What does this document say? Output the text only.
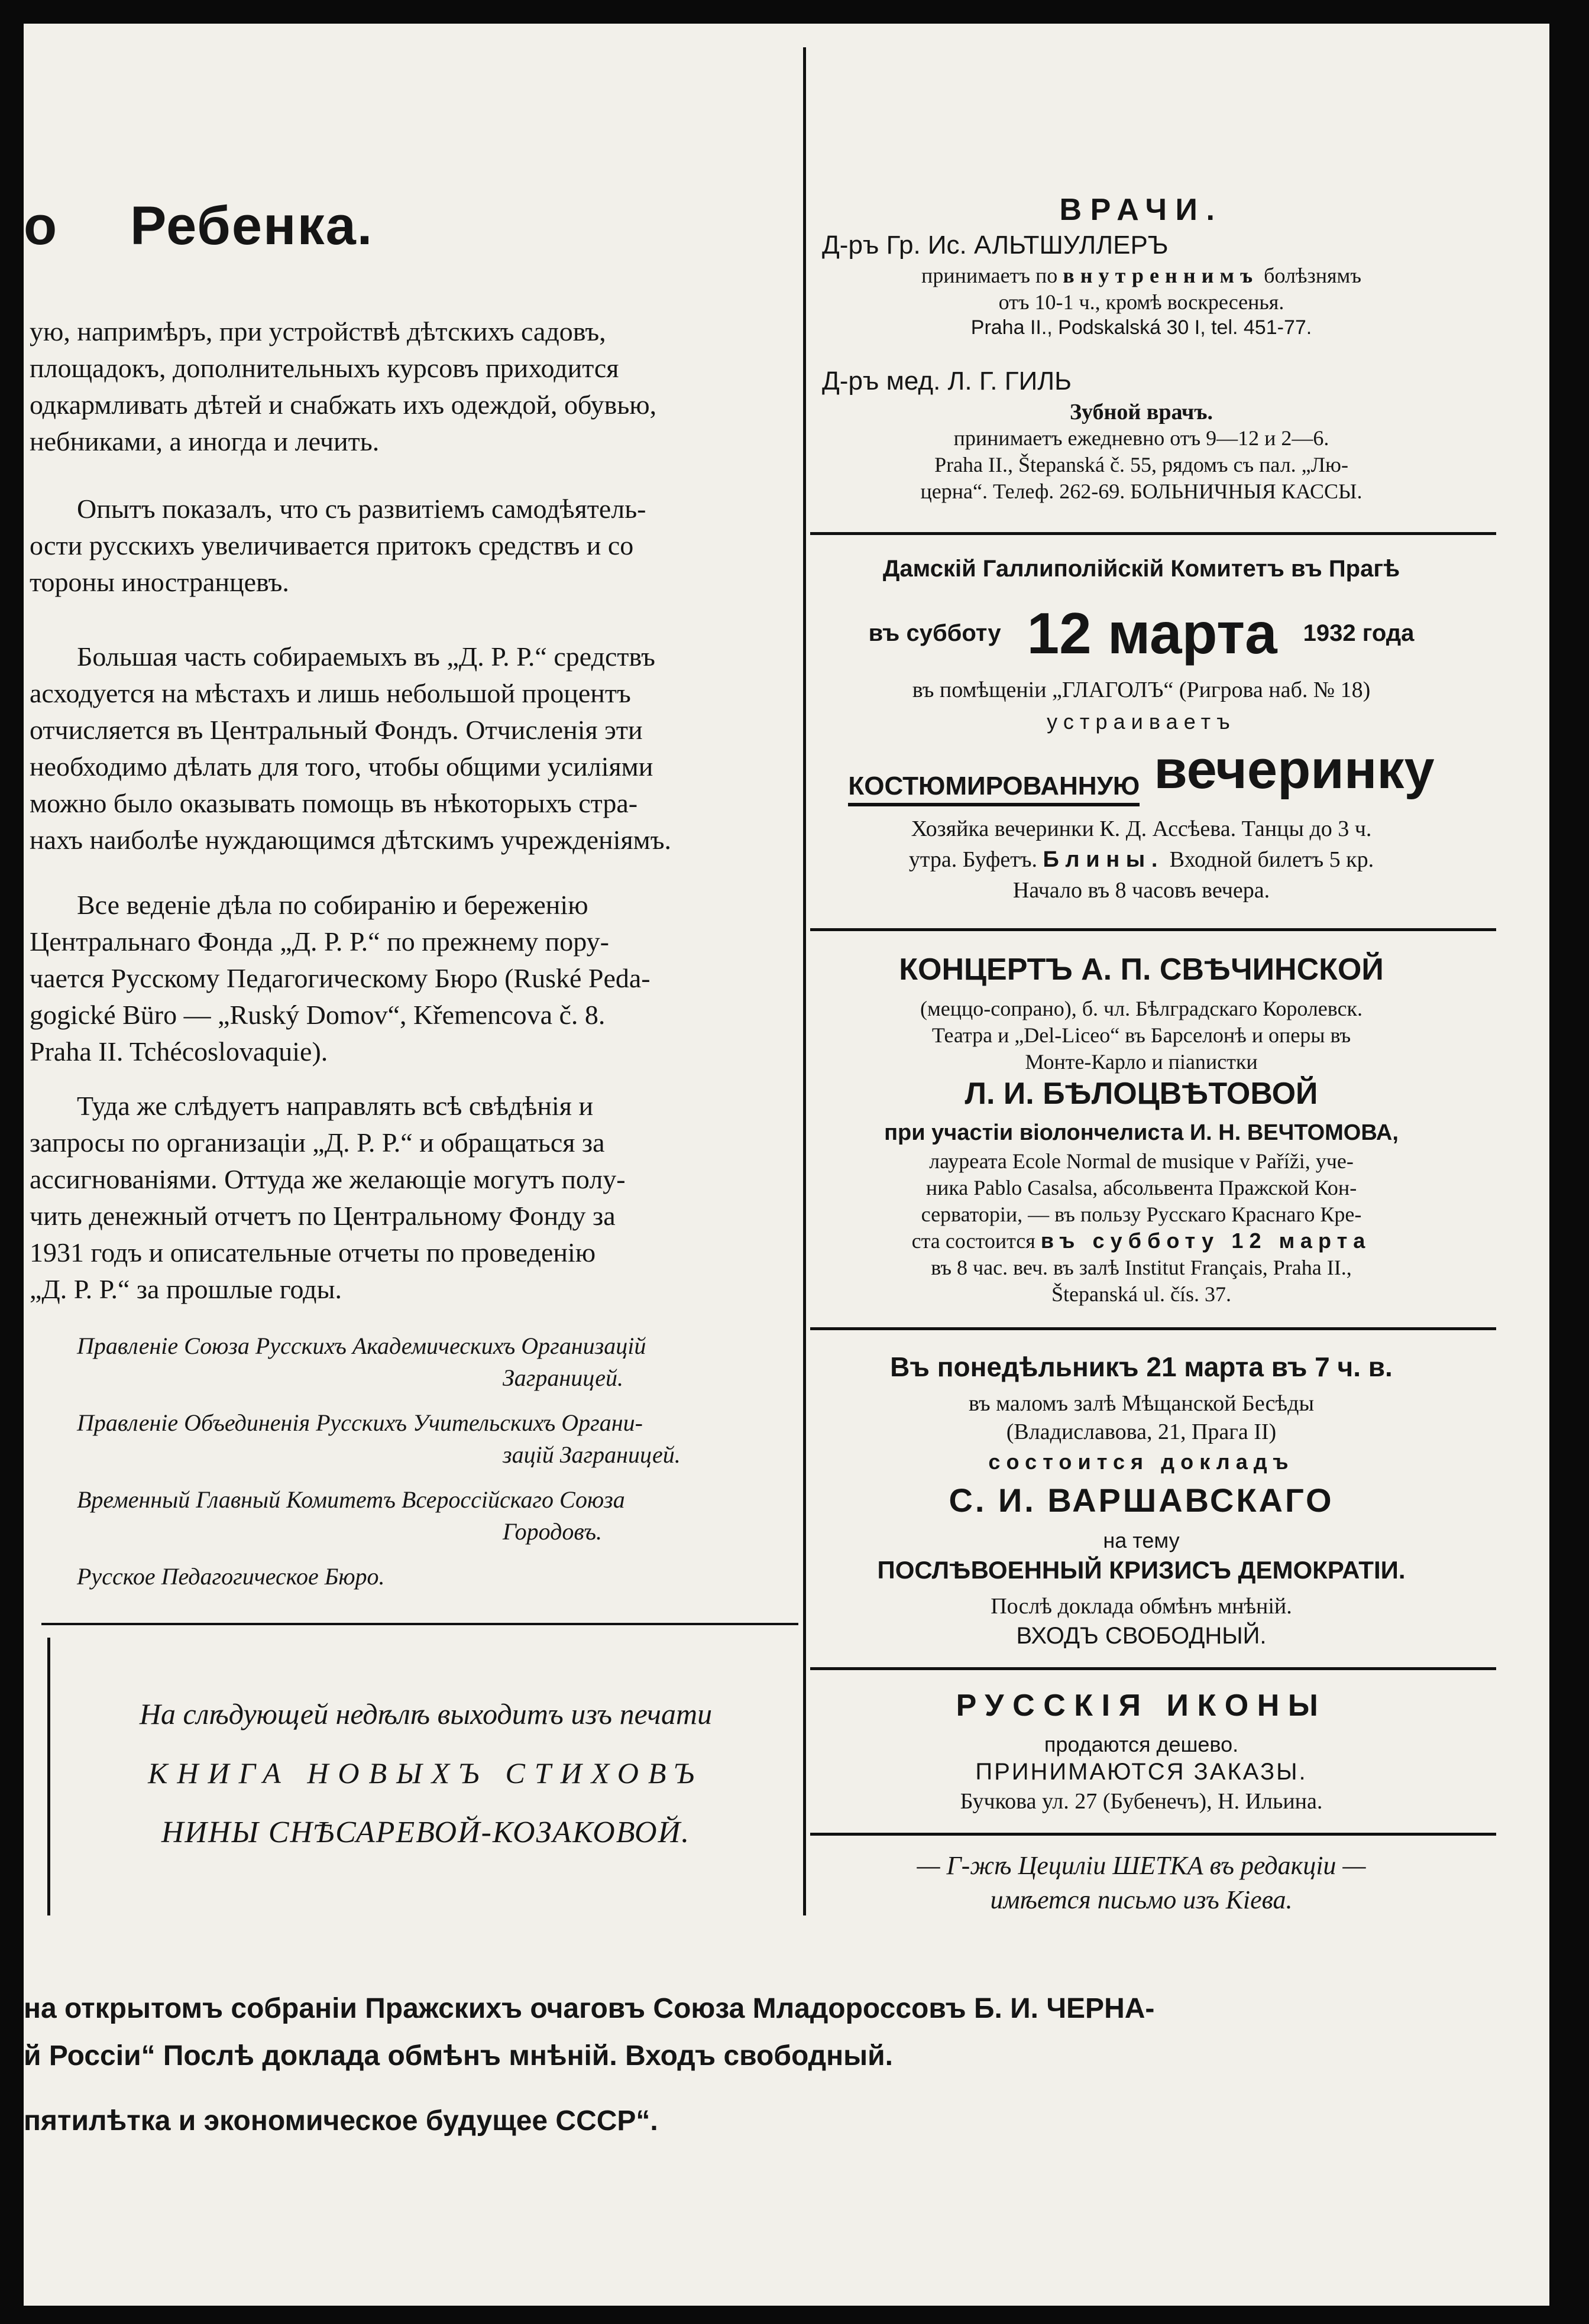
о Ребенка.
ую, напримѣръ, при устройствѣ дѣтскихъ садовъ,
площадокъ, дополнительныхъ курсовъ приходится
одкармливать дѣтей и снабжать ихъ одеждой, обувью,
небниками, а иногда и лечить.
Опытъ показалъ, что съ развитіемъ самодѣятель-
ости русскихъ увеличивается притокъ средствъ и со
тороны иностранцевъ.
Большая часть собираемыхъ въ „Д. Р. Р.“ средствъ
асходуется на мѣстахъ и лишь небольшой процентъ
отчисляется въ Центральный Фондъ. Отчисленія эти
необходимо дѣлать для того, чтобы общими усиліями
можно было оказывать помощь въ нѣкоторыхъ стра-
нахъ наиболѣе нуждающимся дѣтскимъ учрежденіямъ.
Все веденіе дѣла по собиранію и береженію
Центральнаго Фонда „Д. Р. Р.“ по прежнему пору-
чается Русскому Педагогическому Бюро (Ruské Peda-
gogické Büro — „Ruský Domov“, Křemencova č. 8.
Praha II. Tchécoslovaquie).
Туда же слѣдуетъ направлять всѣ свѣдѣнія и
запросы по организаціи „Д. Р. Р.“ и обращаться за
ассигнованіями. Оттуда же желающіе могутъ полу-
чить денежный отчетъ по Центральному Фонду за
1931 годъ и описательные отчеты по проведенію
„Д. Р. Р.“ за прошлые годы.
Правленіе Союза Русскихъ Академическихъ Организацій
Заграницей.
Правленіе Объединенія Русскихъ Учительскихъ Органи-
зацій Заграницей.
Временный Главный Комитетъ Всероссійскаго Союза
Городовъ.
Русское Педагогическое Бюро.
На слѣдующей недѣлѣ выходитъ изъ печати
КНИГА НОВЫХЪ СТИХОВЪ
НИНЫ СНѢСАРЕВОЙ-КОЗАКОВОЙ.
ВРАЧИ.
Д-ръ Гр. Ис. АЛЬТШУЛЛЕРЪ
принимаетъ по внутреннимъ болѣзнямъ
отъ 10-1 ч., кромѣ воскресенья.
Praha II., Podskalská 30 I, tel. 451-77.
Д-ръ мед. Л. Г. ГИЛЬ
Зубной врачъ.
принимаетъ ежедневно отъ 9—12 и 2—6.
Praha II., Štepanská č. 55, рядомъ съ пал. „Лю-
церна“. Телеф. 262-69. БОЛЬНИЧНЫЯ КАССЫ.
Дамскій Галлиполійскій Комитетъ въ Прагѣ
въ субботу 12 марта 1932 года
въ помѣщеніи „ГЛАГОЛЪ“ (Ригрова наб. № 18)
устраиваетъ
КОСТЮМИРОВАННУЮ вечеринку
Хозяйка вечеринки К. Д. Ассѣева. Танцы до 3 ч.
утра. Буфетъ. Блины. Входной билетъ 5 кр.
Начало въ 8 часовъ вечера.
КОНЦЕРТЪ А. П. СВѢЧИНСКОЙ
(меццо-сопрано), б. чл. Бѣлградскаго Королевск.
Театра и „Del-Liceo“ въ Барселонѣ и оперы въ
Монте-Карло и пianистки
Л. И. БѢЛОЦВѢТОВОЙ
при участіи віолончелиста И. Н. ВЕЧТОМОВА,
лауреата Ecole Normal de musique v Paříži, уче-
ника Pablo Casalsa, абсольвента Пражской Кон-
серваторіи, — въ пользу Русскаго Краснаго Кре-
ста состоится въ субботу 12 марта
въ 8 час. веч. въ залѣ Institut Français, Praha II.,
Štepanská ul. čís. 37.
Въ понедѣльникъ 21 марта въ 7 ч. в.
въ маломъ залѣ Мѣщанской Бесѣды
(Владиславова, 21, Прага II)
состоится докладъ
С. И. ВАРШАВСКАГО
на тему
ПОСЛѢВОЕННЫЙ КРИЗИСЪ ДЕМОКРАТІИ.
Послѣ доклада обмѣнъ мнѣній.
ВХОДЪ СВОБОДНЫЙ.
РУССКІЯ ИКОНЫ
продаются дешево.
ПРИНИМАЮТСЯ ЗАКАЗЫ.
Бучкова ул. 27 (Бубенечъ), Н. Ильина.
— Г-жѣ Цециліи ШЕТКА въ редакціи —
имѣется письмо изъ Кіева.
на открытомъ собраніи Пражскихъ очаговъ Союза Младороссовъ Б. И. ЧЕРНА-
й Россіи“ Послѣ доклада обмѣнъ мнѣній. Входъ свободный.
пятилѣтка и экономическое будущее СССР“.
